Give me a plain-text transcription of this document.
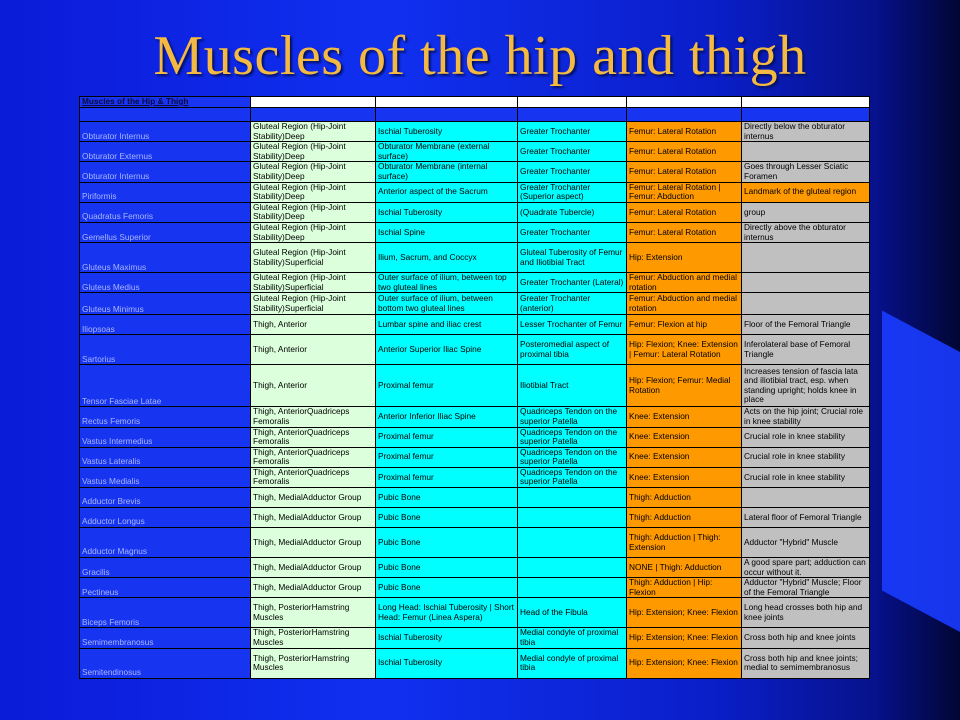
Muscles of the hip and thigh
Muscles of the Hip & Thigh					

Obturator Internus	Gluteal Region (Hip-Joint Stability)Deep	Ischial Tuberosity	Greater Trochanter	Femur: Lateral Rotation	Directly below the obturator internus
Obturator Externus	Gluteal Region (Hip-Joint Stability)Deep	Obturator Membrane (external surface)	Greater Trochanter	Femur: Lateral Rotation	
Obturator Internus	Gluteal Region (Hip-Joint Stability)Deep	Obturator Membrane (internal surface)	Greater Trochanter	Femur: Lateral Rotation	Goes through Lesser Sciatic Foramen
Piriformis	Gluteal Region (Hip-Joint Stability)Deep	Anterior aspect of the Sacrum	Greater Trochanter (Superior aspect)	Femur: Lateral Rotation | Femur: Abduction	Landmark of the gluteal region
Quadratus Femoris	Gluteal Region (Hip-Joint Stability)Deep	Ischial Tuberosity	(Quadrate Tubercle)	Femur: Lateral Rotation	group
Gemellus Superior	Gluteal Region (Hip-Joint Stability)Deep	Ischial Spine	Greater Trochanter	Femur: Lateral Rotation	Directly above the obturator internus
Gluteus Maximus	Gluteal Region (Hip-Joint Stability)Superficial	Ilium, Sacrum, and Coccyx	Gluteal Tuberosity of Femur and Iliotibial Tract	Hip: Extension	
Gluteus Medius	Gluteal Region (Hip-Joint Stability)Superficial	Outer surface of ilium, between top two gluteal lines	Greater Trochanter (Lateral)	Femur: Abduction and medial rotation	
Gluteus Minimus	Gluteal Region (Hip-Joint Stability)Superficial	Outer surface of ilium, between bottom two gluteal lines	Greater Trochanter (anterior)	Femur: Abduction and medial rotation	
Iliopsoas	Thigh, Anterior	Lumbar spine and iliac crest	Lesser Trochanter of Femur	Femur: Flexion at hip	Floor of the Femoral Triangle
Sartorius	Thigh, Anterior	Anterior Superior Iliac Spine	Posteromedial aspect of proximal tibia	Hip: Flexion; Knee: Extension | Femur: Lateral Rotation	Inferolateral base of Femoral Triangle
Tensor Fasciae Latae	Thigh, Anterior	Proximal femur	Iliotibial Tract	Hip: Flexion; Femur: Medial Rotation	Increases tension of fascia lata and iliotibial tract, esp. when standing upright; holds knee in place
Rectus Femoris	Thigh, AnteriorQuadriceps Femoralis	Anterior Inferior Iliac Spine	Quadriceps Tendon on the superior Patella	Knee: Extension	Acts on the hip joint; Crucial role in knee stability
Vastus Intermedius	Thigh, AnteriorQuadriceps Femoralis	Proximal femur	Quadriceps Tendon on the superior Patella	Knee: Extension	Crucial role in knee stability
Vastus Lateralis	Thigh, AnteriorQuadriceps Femoralis	Proximal femur	Quadriceps Tendon on the superior Patella	Knee: Extension	Crucial role in knee stability
Vastus Medialis	Thigh, AnteriorQuadriceps Femoralis	Proximal femur	Quadriceps Tendon on the superior Patella	Knee: Extension	Crucial role in knee stability
Adductor Brevis	Thigh, MedialAdductor Group	Pubic Bone		Thigh: Adduction	
Adductor Longus	Thigh, MedialAdductor Group	Pubic Bone		Thigh: Adduction	Lateral floor of Femoral Triangle
Adductor Magnus	Thigh, MedialAdductor Group	Pubic Bone		Thigh: Adduction | Thigh: Extension	Adductor "Hybrid" Muscle
Gracilis	Thigh, MedialAdductor Group	Pubic Bone		NONE | Thigh: Adduction	A good spare part; adduction can occur without it.
Pectineus	Thigh, MedialAdductor Group	Pubic Bone		Thigh: Adduction | Hip: Flexion	Adductor "Hybrid" Muscle; Floor of the Femoral Triangle
Biceps Femoris	Thigh, PosteriorHamstring Muscles	Long Head: Ischial Tuberosity | Short Head: Femur (Linea Aspera)	Head of the Fibula	Hip: Extension; Knee: Flexion	Long head crosses both hip and knee joints
Semimembranosus	Thigh, PosteriorHamstring Muscles	Ischial Tuberosity	Medial condyle of proximal tibia	Hip: Extension; Knee: Flexion	Cross both hip and knee joints
Semitendinosus	Thigh, PosteriorHamstring Muscles	Ischial Tuberosity	Medial condyle of proximal tibia	Hip: Extension; Knee: Flexion	Cross both hip and knee joints; medial to semimembranosus
